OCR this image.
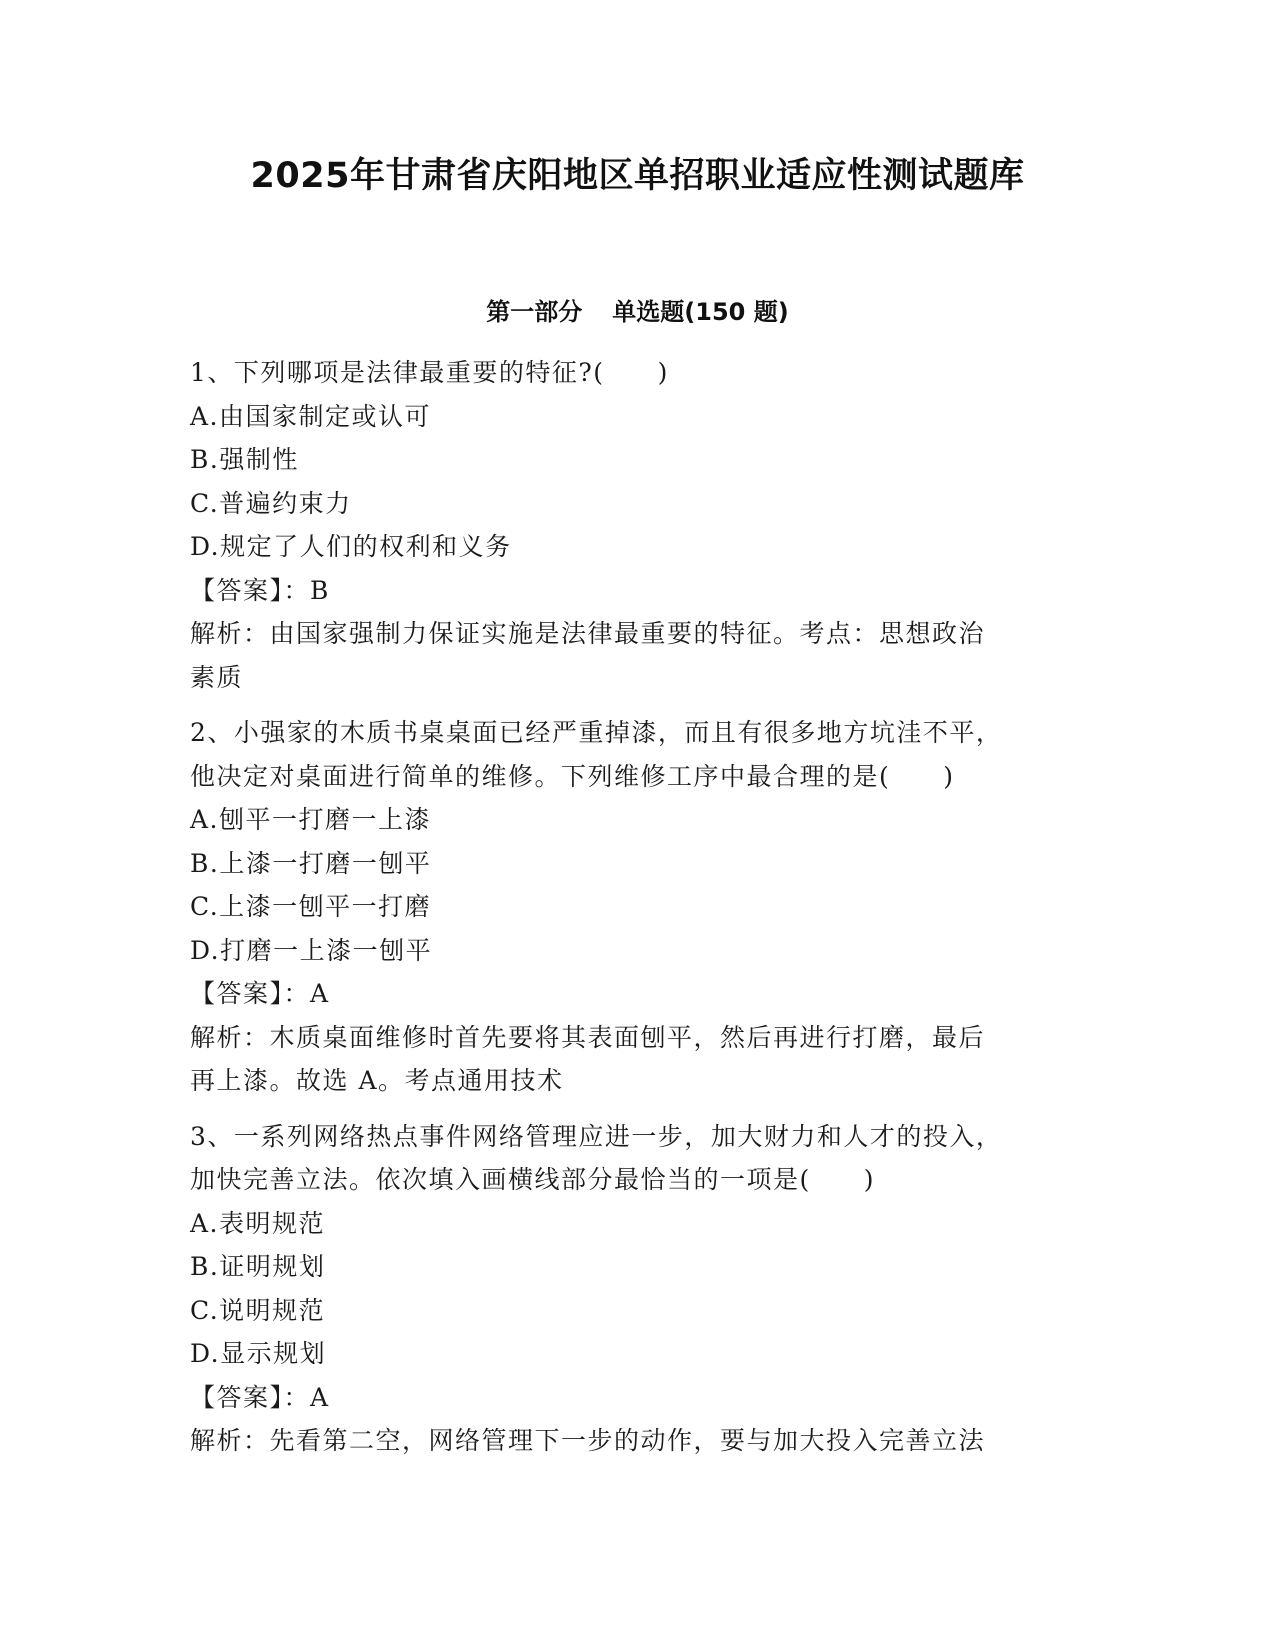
2025年甘肃省庆阳地区单招职业适应性测试题库
第一部分 单选题(150 题)
1、下列哪项是法律最重要的特征?(　　)
A.由国家制定或认可
B.强制性
C.普遍约束力
D.规定了人们的权利和义务
【答案】：B
解析：由国家强制力保证实施是法律最重要的特征。考点：思想政治
素质
2、小强家的木质书桌桌面已经严重掉漆，而且有很多地方坑洼不平，
他决定对桌面进行简单的维修。下列维修工序中最合理的是(　　)
A.刨平一打磨一上漆
B.上漆一打磨一刨平
C.上漆一刨平一打磨
D.打磨一上漆一刨平
【答案】：A
解析：木质桌面维修时首先要将其表面刨平，然后再进行打磨，最后
再上漆。故选 A。考点通用技术
3、一系列网络热点事件网络管理应进一步，加大财力和人才的投入，
加快完善立法。依次填入画横线部分最恰当的一项是(　　)
A.表明规范
B.证明规划
C.说明规范
D.显示规划
【答案】：A
解析：先看第二空，网络管理下一步的动作，要与加大投入完善立法
